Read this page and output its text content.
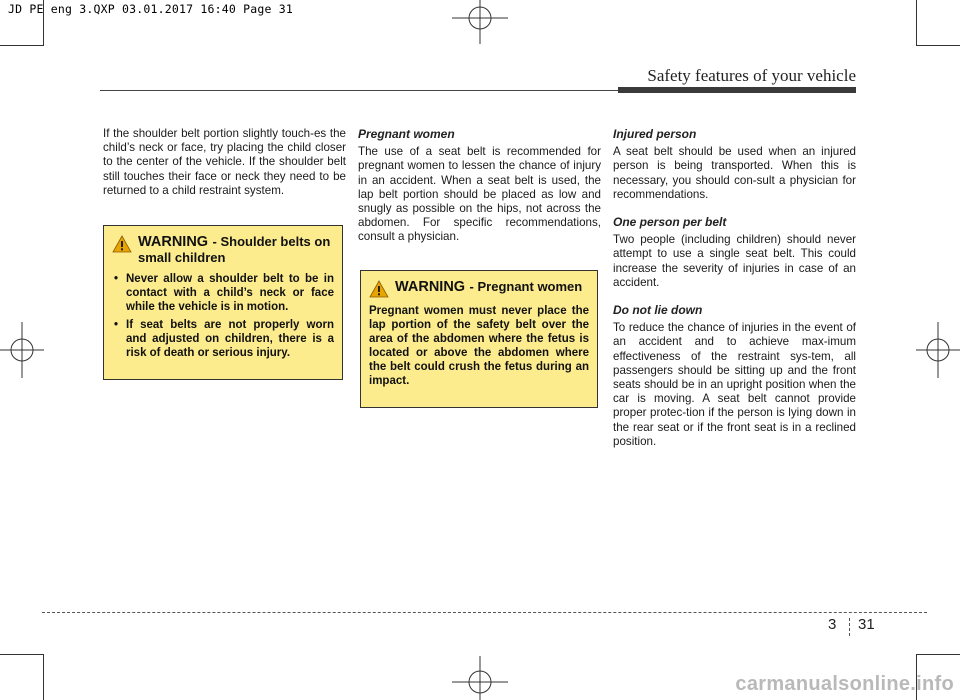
JD PE eng 3.QXP 03.01.2017 16:40 Page 31
Safety features of your vehicle

If the shoulder belt portion slightly touch-es the child’s neck or face, try placing the child closer to the center of the vehicle. If the shoulder belt still touches their face or neck they need to be returned to a child restraint system.

WARNING - Shoulder belts on small children
• Never allow a shoulder belt to be in contact with a child’s neck or face while the vehicle is in motion.
• If seat belts are not properly worn and adjusted on children, there is a risk of death or serious injury.
Pregnant women

The use of a seat belt is recommended for pregnant women to lessen the chance of injury in an accident. When a seat belt is used, the lap belt portion should be placed as low and snugly as possible on the hips, not across the abdomen. For specific recommendations, consult a physician.

WARNING - Pregnant women
Pregnant women must never place the lap portion of the safety belt over the area of the abdomen where the fetus is located or above the abdomen where the belt could crush the fetus during an impact.
Injured person

A seat belt should be used when an injured person is being transported. When this is necessary, you should con-sult a physician for recommendations.

One person per belt

Two people (including children) should never attempt to use a single seat belt. This could increase the severity of injuries in case of an accident.

Do not lie down

To reduce the chance of injuries in the event of an accident and to achieve max-imum effectiveness of the restraint sys-tem, all passengers should be sitting up and the front seats should be in an upright position when the car is moving. A seat belt cannot provide proper protec-tion if the person is lying down in the rear seat or if the front seat is in a reclined position.

3 31
carmanualsonline.info
